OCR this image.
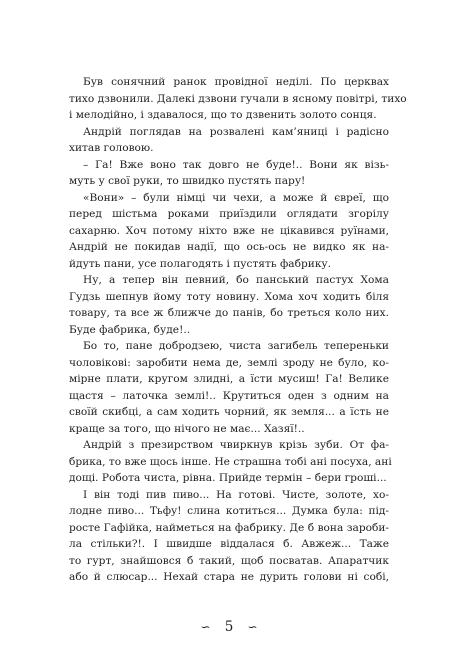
Був сонячний ранок провідної неділі. По церквах
тихо дзвонили. Далекі дзвони гучали в ясному повітрі, тихо
і мелодійно, і здавалося, що то дзвенить золото сонця.
Андрій поглядав на розвалені кам’яниці і радісно
хитав головою.
– Га! Вже воно так довго не буде!.. Вони як візь-
муть у свої руки, то швидко пустять пару!
«Вони» – були німці чи чехи, а може й євреї, що
перед шістьма роками приїздили оглядати згорілу
сахарню. Хоч потому ніхто вже не цікавився руїнами,
Андрій не покидав надії, що ось-ось не видко як на-
йдуть пани, усе полагодять і пустять фабрику.
Ну, а тепер він певний, бо панський пастух Хома
Гудзь шепнув йому тоту новину. Хома хоч ходить біля
товару, та все ж ближче до панів, бо треться коло них.
Буде фабрика, буде!..
Бо то, пане добродзею, чиста загибель тепереньки
чоловіковi: заробити нема де, землі зроду не було, ко-
мірне плати, кругом злидні, а їсти мусиш! Га! Велике
щастя – латочка землі!.. Крутиться оден з одним на
своїй скибці, а сам ходить чорний, як земля... а їсть не
краще за того, що нічого не має... Хазяї!..
Андрій з презирством чвиркнув крізь зуби. От фа-
брика, то вже щось інше. Не страшна тобі ані посуха, ані
дощі. Робота чиста, рівна. Прийде термін – бери гроші...
І він тоді пив пиво... На готові. Чисте, золоте, хо-
лодне пиво... Тьфу! слина котиться... Думка була: під-
росте Гафійка, найметься на фабрику. Де б вона зароби-
ла стільки?!. І швидше віддалася б. Авжеж... Таже
то гурт, знайшовся б такий, щоб посватав. Апаратчик
або й слюсар... Нехай стара не дурить голови ні собі,
∽ 5 ∽
